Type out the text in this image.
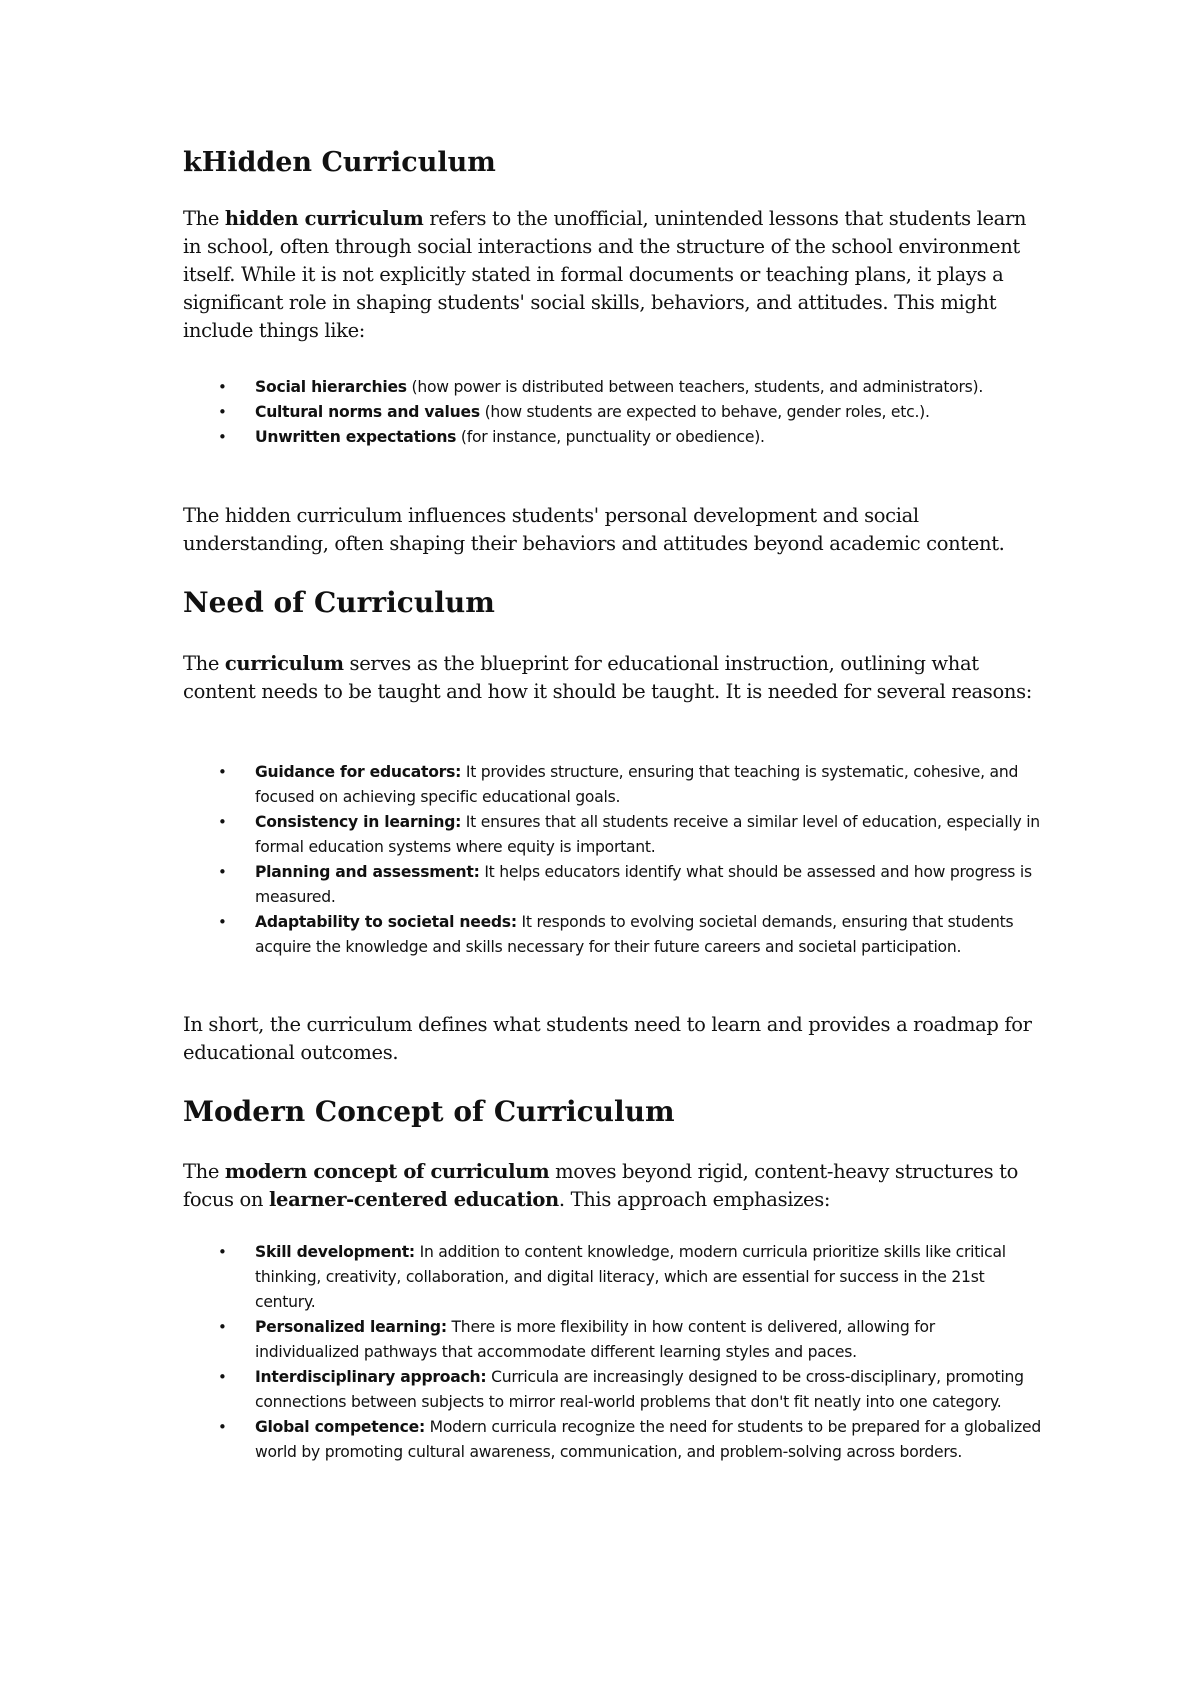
kHidden Curriculum

The hidden curriculum refers to the unofficial, unintended lessons that students learn in school, often through social interactions and the structure of the school environment itself. While it is not explicitly stated in formal documents or teaching plans, it plays a significant role in shaping students' social skills, behaviors, and attitudes. This might include things like:

• Social hierarchies (how power is distributed between teachers, students, and administrators).
• Cultural norms and values (how students are expected to behave, gender roles, etc.).
• Unwritten expectations (for instance, punctuality or obedience).

The hidden curriculum influences students' personal development and social understanding, often shaping their behaviors and attitudes beyond academic content.

Need of Curriculum

The curriculum serves as the blueprint for educational instruction, outlining what content needs to be taught and how it should be taught. It is needed for several reasons:

• Guidance for educators: It provides structure, ensuring that teaching is systematic, cohesive, and focused on achieving specific educational goals.
• Consistency in learning: It ensures that all students receive a similar level of education, especially in formal education systems where equity is important.
• Planning and assessment: It helps educators identify what should be assessed and how progress is measured.
• Adaptability to societal needs: It responds to evolving societal demands, ensuring that students acquire the knowledge and skills necessary for their future careers and societal participation.

In short, the curriculum defines what students need to learn and provides a roadmap for educational outcomes.

Modern Concept of Curriculum

The modern concept of curriculum moves beyond rigid, content-heavy structures to focus on learner-centered education. This approach emphasizes:

• Skill development: In addition to content knowledge, modern curricula prioritize skills like critical thinking, creativity, collaboration, and digital literacy, which are essential for success in the 21st century.
• Personalized learning: There is more flexibility in how content is delivered, allowing for individualized pathways that accommodate different learning styles and paces.
• Interdisciplinary approach: Curricula are increasingly designed to be cross-disciplinary, promoting connections between subjects to mirror real-world problems that don't fit neatly into one category.
• Global competence: Modern curricula recognize the need for students to be prepared for a globalized world by promoting cultural awareness, communication, and problem-solving across borders.
